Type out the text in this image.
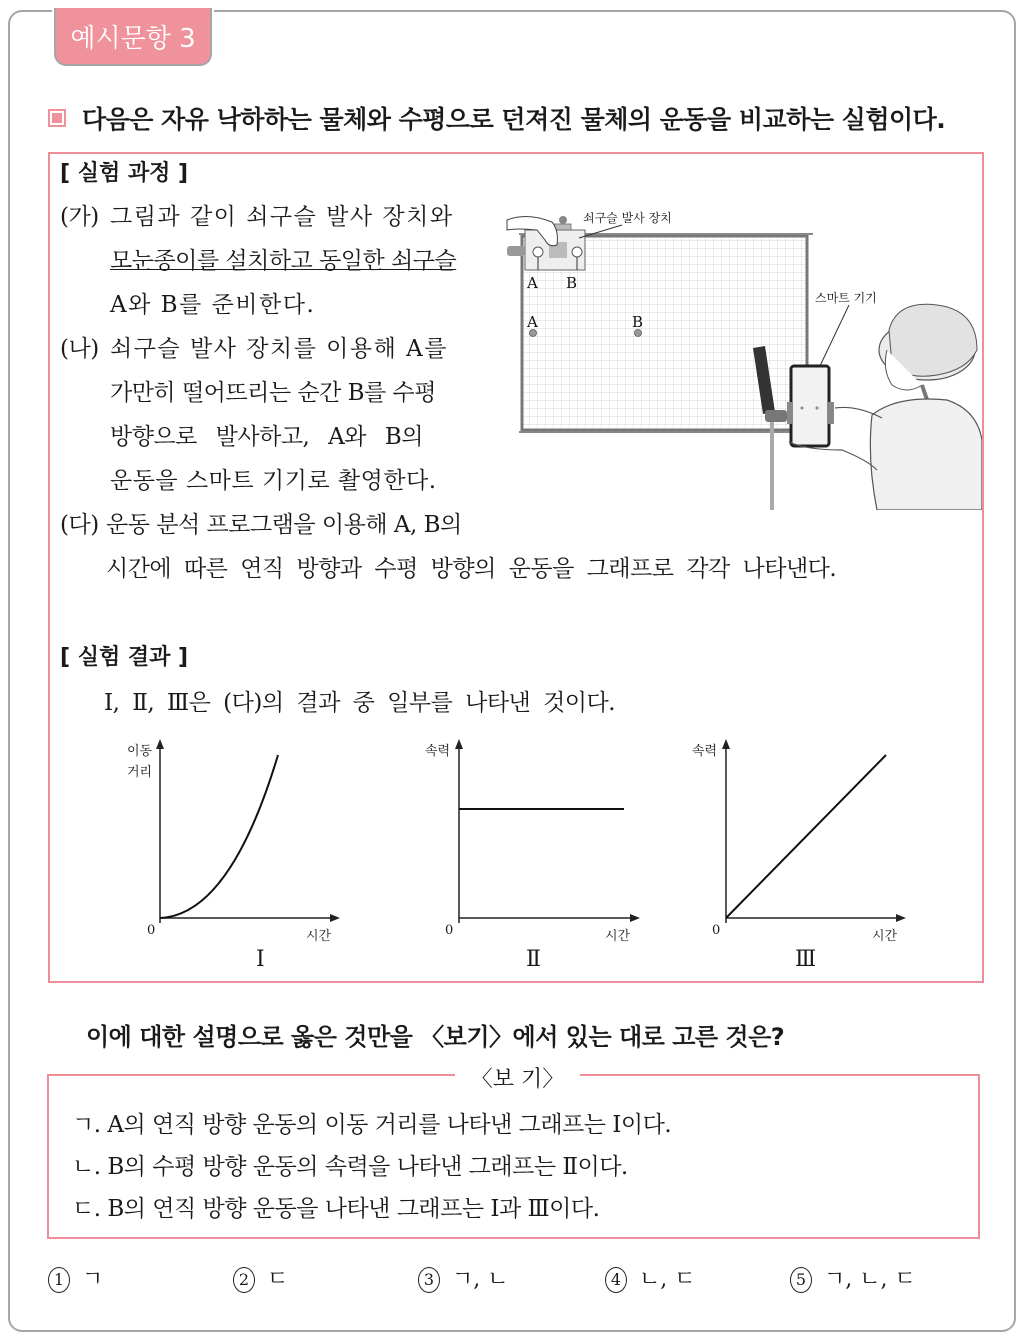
예시문항 3
다음은 자유 낙하하는 물체와 수평으로 던져진 물체의 운동을 비교하는 실험이다.
[ 실험 과정 ]
(가) 그림과 같이 쇠구슬 발사 장치와
모눈종이를 설치하고 동일한 쇠구슬
A와 B를 준비한다.
(나) 쇠구슬 발사 장치를 이용해 A를
가만히 떨어뜨리는 순간 B를 수평
방향으로 발사하고, A와 B의
운동을 스마트 기기로 촬영한다.
(다) 운동 분석 프로그램을 이용해 A, B의
시간에 따른 연직 방향과 수평 방향의 운동을 그래프로 각각 나타낸다.
쇠구슬 발사 장치
스마트 기기
A B
A	B
[ 실험 결과 ]
Ⅰ, Ⅱ, Ⅲ은 (다)의 결과 중 일부를 나타낸 것이다.
이동
거리
0	시간
Ⅰ
속력
0	시간
Ⅱ
속력
0	시간
Ⅲ
이에 대한 설명으로 옳은 것만을 〈보기〉에서 있는 대로 고른 것은?
〈보 기〉
ㄱ. A의 연직 방향 운동의 이동 거리를 나타낸 그래프는 Ⅰ이다.
ㄴ. B의 수평 방향 운동의 속력을 나타낸 그래프는 Ⅱ이다.
ㄷ. B의 연직 방향 운동을 나타낸 그래프는 Ⅰ과 Ⅲ이다.
1 ㄱ	2 ㄷ	3 ㄱ, ㄴ	4 ㄴ, ㄷ	5 ㄱ, ㄴ, ㄷ
